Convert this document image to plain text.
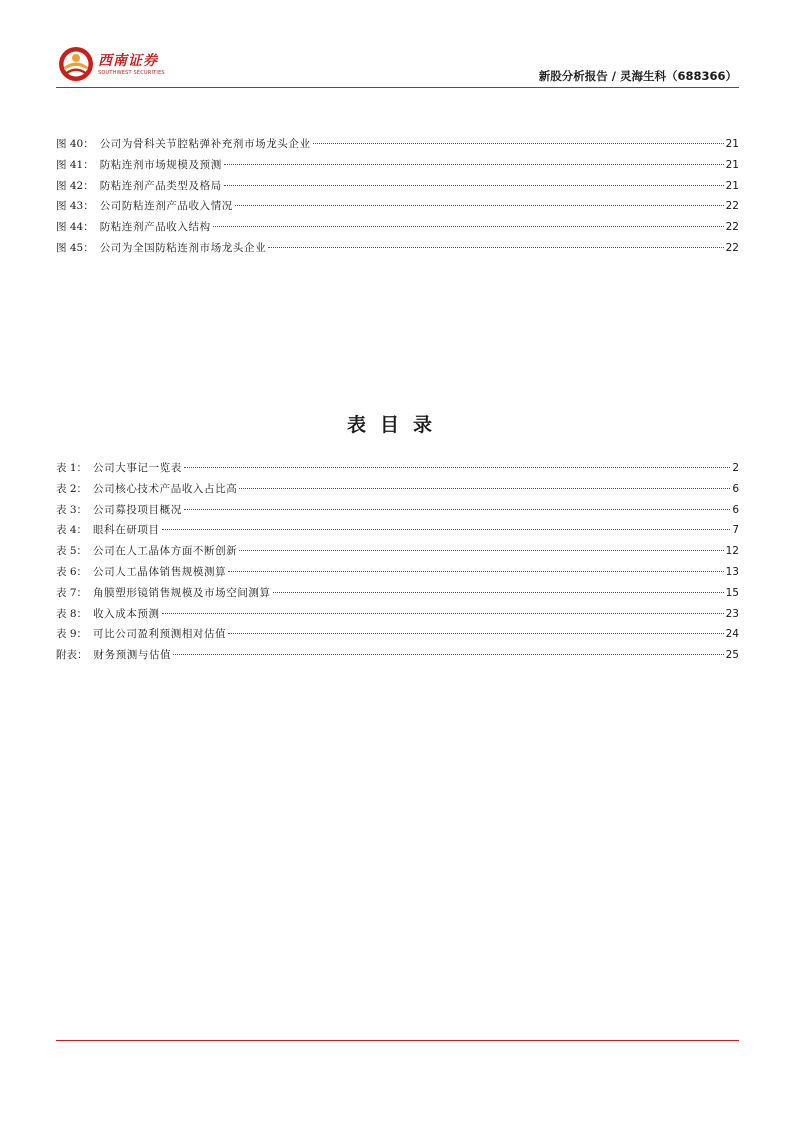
西南证券
SOUTHWEST SECURITIES	新股分析报告 / 灵海生科（688366）
图 40 ： 公司为骨科关节腔粘弹补充剂市场龙头企业	21
图 41 ： 防粘连剂市场规模及预测	21
图 42 ： 防粘连剂产品类型及格局	21
图 43 ： 公司防粘连剂产品收入情况	22
图 44 ： 防粘连剂产品收入结构	22
图 45 ： 公司为全国防粘连剂市场龙头企业	22
表目录
表 1 ： 公司大事记一览表	2
表 2 ： 公司核心技术产品收入占比高	6
表 3 ： 公司募投项目概况	6
表 4 ： 眼科在研项目	7
表 5 ： 公司在人工晶体方面不断创新	12
表 6 ： 公司人工晶体销售规模测算	13
表 7 ： 角膜塑形镜销售规模及市场空间测算	15
表 8 ： 收入成本预测	23
表 9 ： 可比公司盈利预测相对估值	24
附表 ： 财务预测与估值	25
